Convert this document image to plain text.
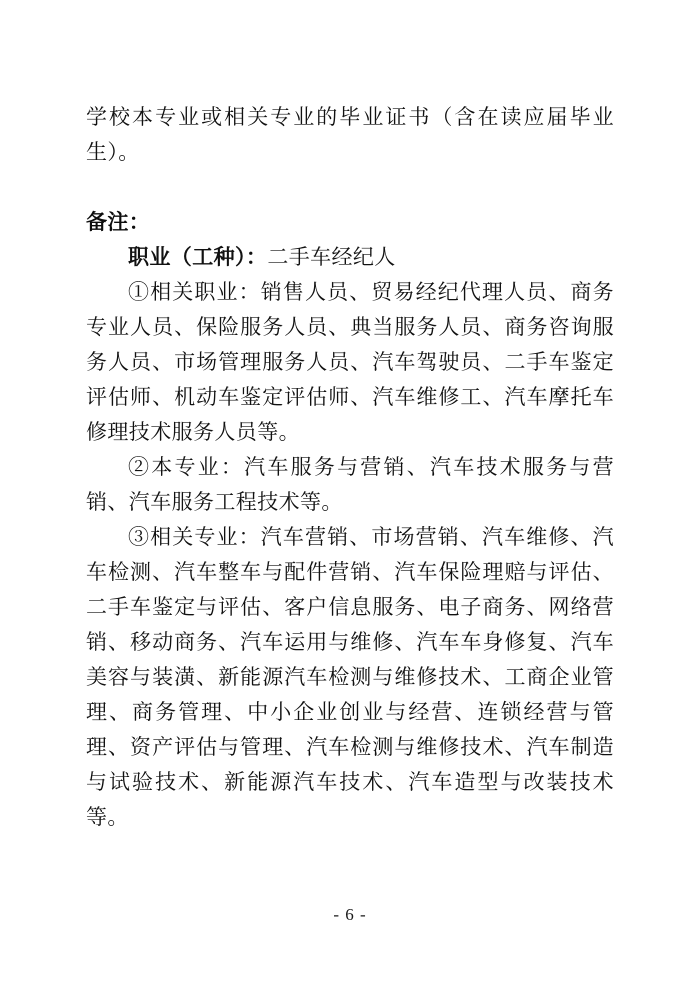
学校本专业或相关专业的毕业证书（含在读应届毕业生）。

备注：

职业（工种）：二手车经纪人

①相关职业：销售人员、贸易经纪代理人员、商务专业人员、保险服务人员、典当服务人员、商务咨询服务人员、市场管理服务人员、汽车驾驶员、二手车鉴定评估师、机动车鉴定评估师、汽车维修工、汽车摩托车修理技术服务人员等。

②本专业：汽车服务与营销、汽车技术服务与营销、汽车服务工程技术等。

③相关专业：汽车营销、市场营销、汽车维修、汽车检测、汽车整车与配件营销、汽车保险理赔与评估、二手车鉴定与评估、客户信息服务、电子商务、网络营销、移动商务、汽车运用与维修、汽车车身修复、汽车美容与装潢、新能源汽车检测与维修技术、工商企业管理、商务管理、中小企业创业与经营、连锁经营与管理、资产评估与管理、汽车检测与维修技术、汽车制造与试验技术、新能源汽车技术、汽车造型与改装技术等。

- 6 -
